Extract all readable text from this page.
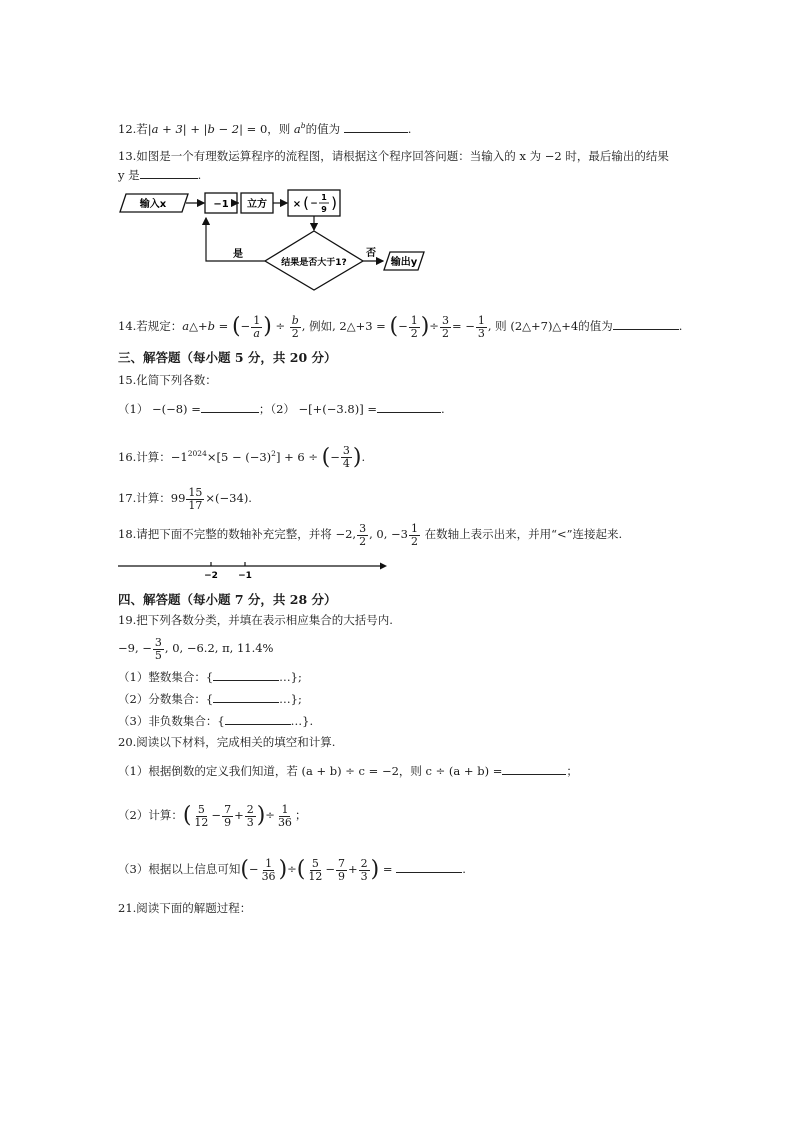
12.若|a + 3| + |b − 2| = 0，则 $a^b$的值为	.
13.如图是一个有理数运算程序的流程图，请根据这个程序回答问题：当输入的 x 为 −2 时，最后输出的结果
y 是	.
输入x	−1 立方	× ( −
1
9 )
结果是否大于1?
是	否
输出y
14.若规定：a△+b = (− $\frac{1}{a}$ ) ÷ $\frac{b}{2}$ , 例如, 2△+3 = (− $\frac{1}{2}$ )÷ $\frac{3}{2}$ = − $\frac{1}{3}$ , 则 (2△+7)△+4的值为	.
三、解答题（每小题 5 分，共 20 分）
15.化简下列各数：
（1） −(−8) =	；（2） −[+(−3.8)] =	.
16.计算：$-1^{2024}\times[5 - (-3)^2] + 6$ ÷ (− $\frac{3}{4}$ ).
17.计算：$99 \frac{15}{17} \times(-34)$.
18.请把下面不完整的数轴补充完整，并将 −2, $\frac{3}{2}$ , 0, $-3 \frac{1}{2}$ 在数轴上表示出来，并用“<”连接起来.
−2 −1
四、解答题（每小题 7 分，共 28 分）
19.把下列各数分类，并填在表示相应集合的大括号内.
−9, − $\frac{3}{5}$ , 0, −6.2, π, 11.4%
（1）整数集合：{	…};
（2）分数集合：{	…};
（3）非负数集合：{	…}.
20.阅读以下材料，完成相关的填空和计算.
（1）根据倒数的定义我们知道，若 (a + b) ÷ c = −2，则 c ÷ (a + b) =	；
（2）计算：( $\frac{5}{12} - \frac{7}{9} + \frac{2}{3}$ )÷ $\frac{1}{36}$ ；
（3）根据以上信息可知(− $\frac{1}{36}$ )÷( $\frac{5}{12} - \frac{7}{9} + \frac{2}{3}$ ) =	.
21.阅读下面的解题过程：
